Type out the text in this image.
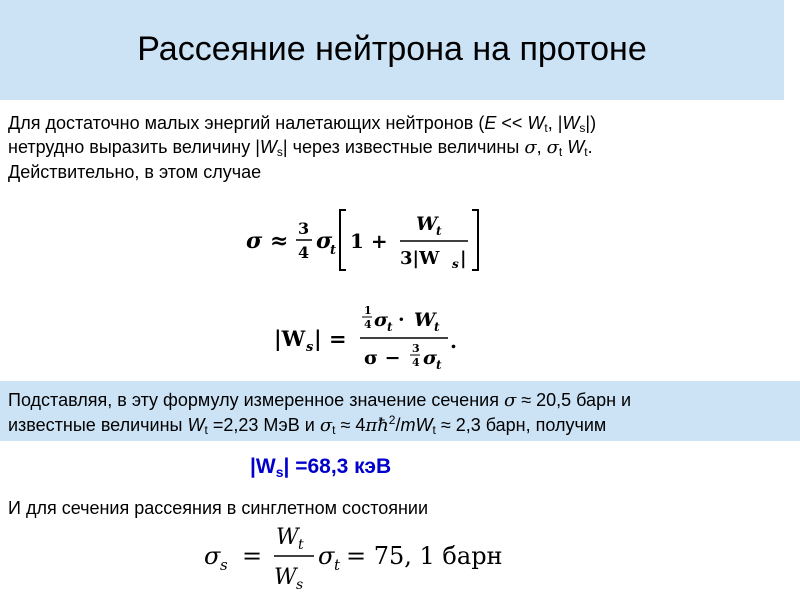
Рассеяние нейтрона на протоне
Для достаточно малых энергий налетающих нейтронов ($E << W_t$, $|W_s|$)
нетрудно выразить величину $|W_s|$ через известные величины σ, $\sigma_t$ $W_t$.
Действительно, в этом случае
σ ≈ 3
4 σ
t 1 +
W
t
3|W s |
|W s | =
1
4 σ
t · W
t
σ − 3
4 σ
t
.
Подставляя, в эту формулу измеренное значение сечения σ ≈ 20,5 барн и
известные величины $W_t =2,23$ МэВ и $\sigma_t$ ≈ $4\pi ħ^2/mW_t \approx 2,3$ барн, получим
$|W_s| =68,3$ кэВ
И для сечения рассеяния в синглетном состоянии
σ s =
W t
W s
σ t = 75, 1 барн
